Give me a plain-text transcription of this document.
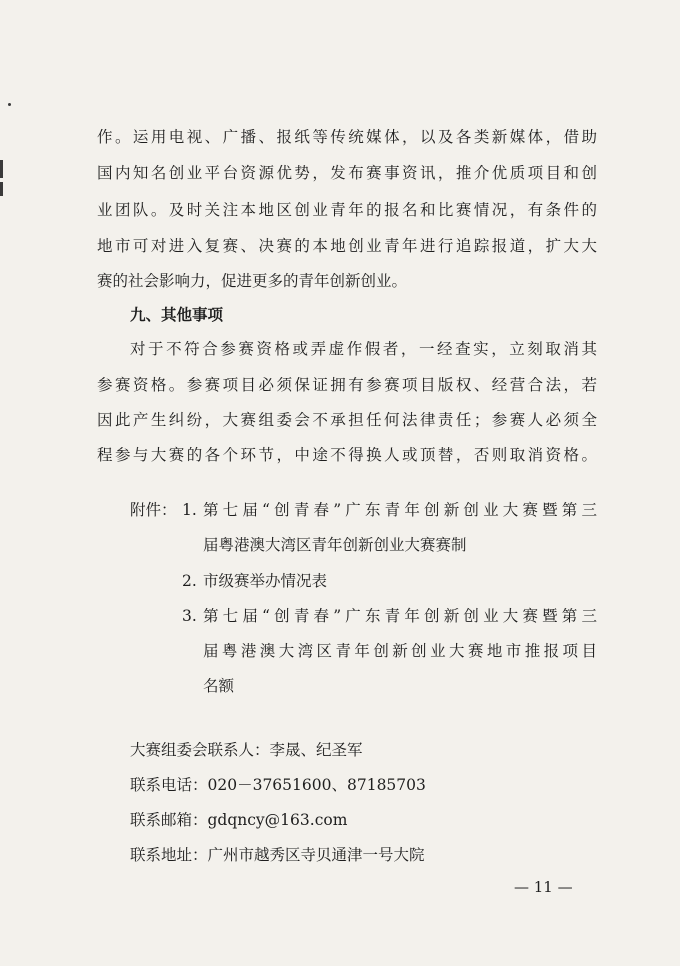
作。运用电视、广播、报纸等传统媒体，以及各类新媒体，借助
国内知名创业平台资源优势，发布赛事资讯，推介优质项目和创
业团队。及时关注本地区创业青年的报名和比赛情况，有条件的
地市可对进入复赛、决赛的本地创业青年进行追踪报道，扩大大
赛的社会影响力，促进更多的青年创新创业。
九、其他事项
对于不符合参赛资格或弄虚作假者，一经查实，立刻取消其
参赛资格。参赛项目必须保证拥有参赛项目版权、经营合法，若
因此产生纠纷，大赛组委会不承担任何法律责任；参赛人必须全
程参与大赛的各个环节，中途不得换人或顶替，否则取消资格。
附件： 1. 第七届“创青春”广东青年创新创业大赛暨第三
届粤港澳大湾区青年创新创业大赛赛制
2. 市级赛举办情况表
3. 第七届“创青春”广东青年创新创业大赛暨第三
届粤港澳大湾区青年创新创业大赛地市推报项目
名额
大赛组委会联系人：李晟、纪圣军
联系电话：020－37651600、87185703
联系邮箱：gdqncy@163.com
联系地址：广州市越秀区寺贝通津一号大院
— 11 —
